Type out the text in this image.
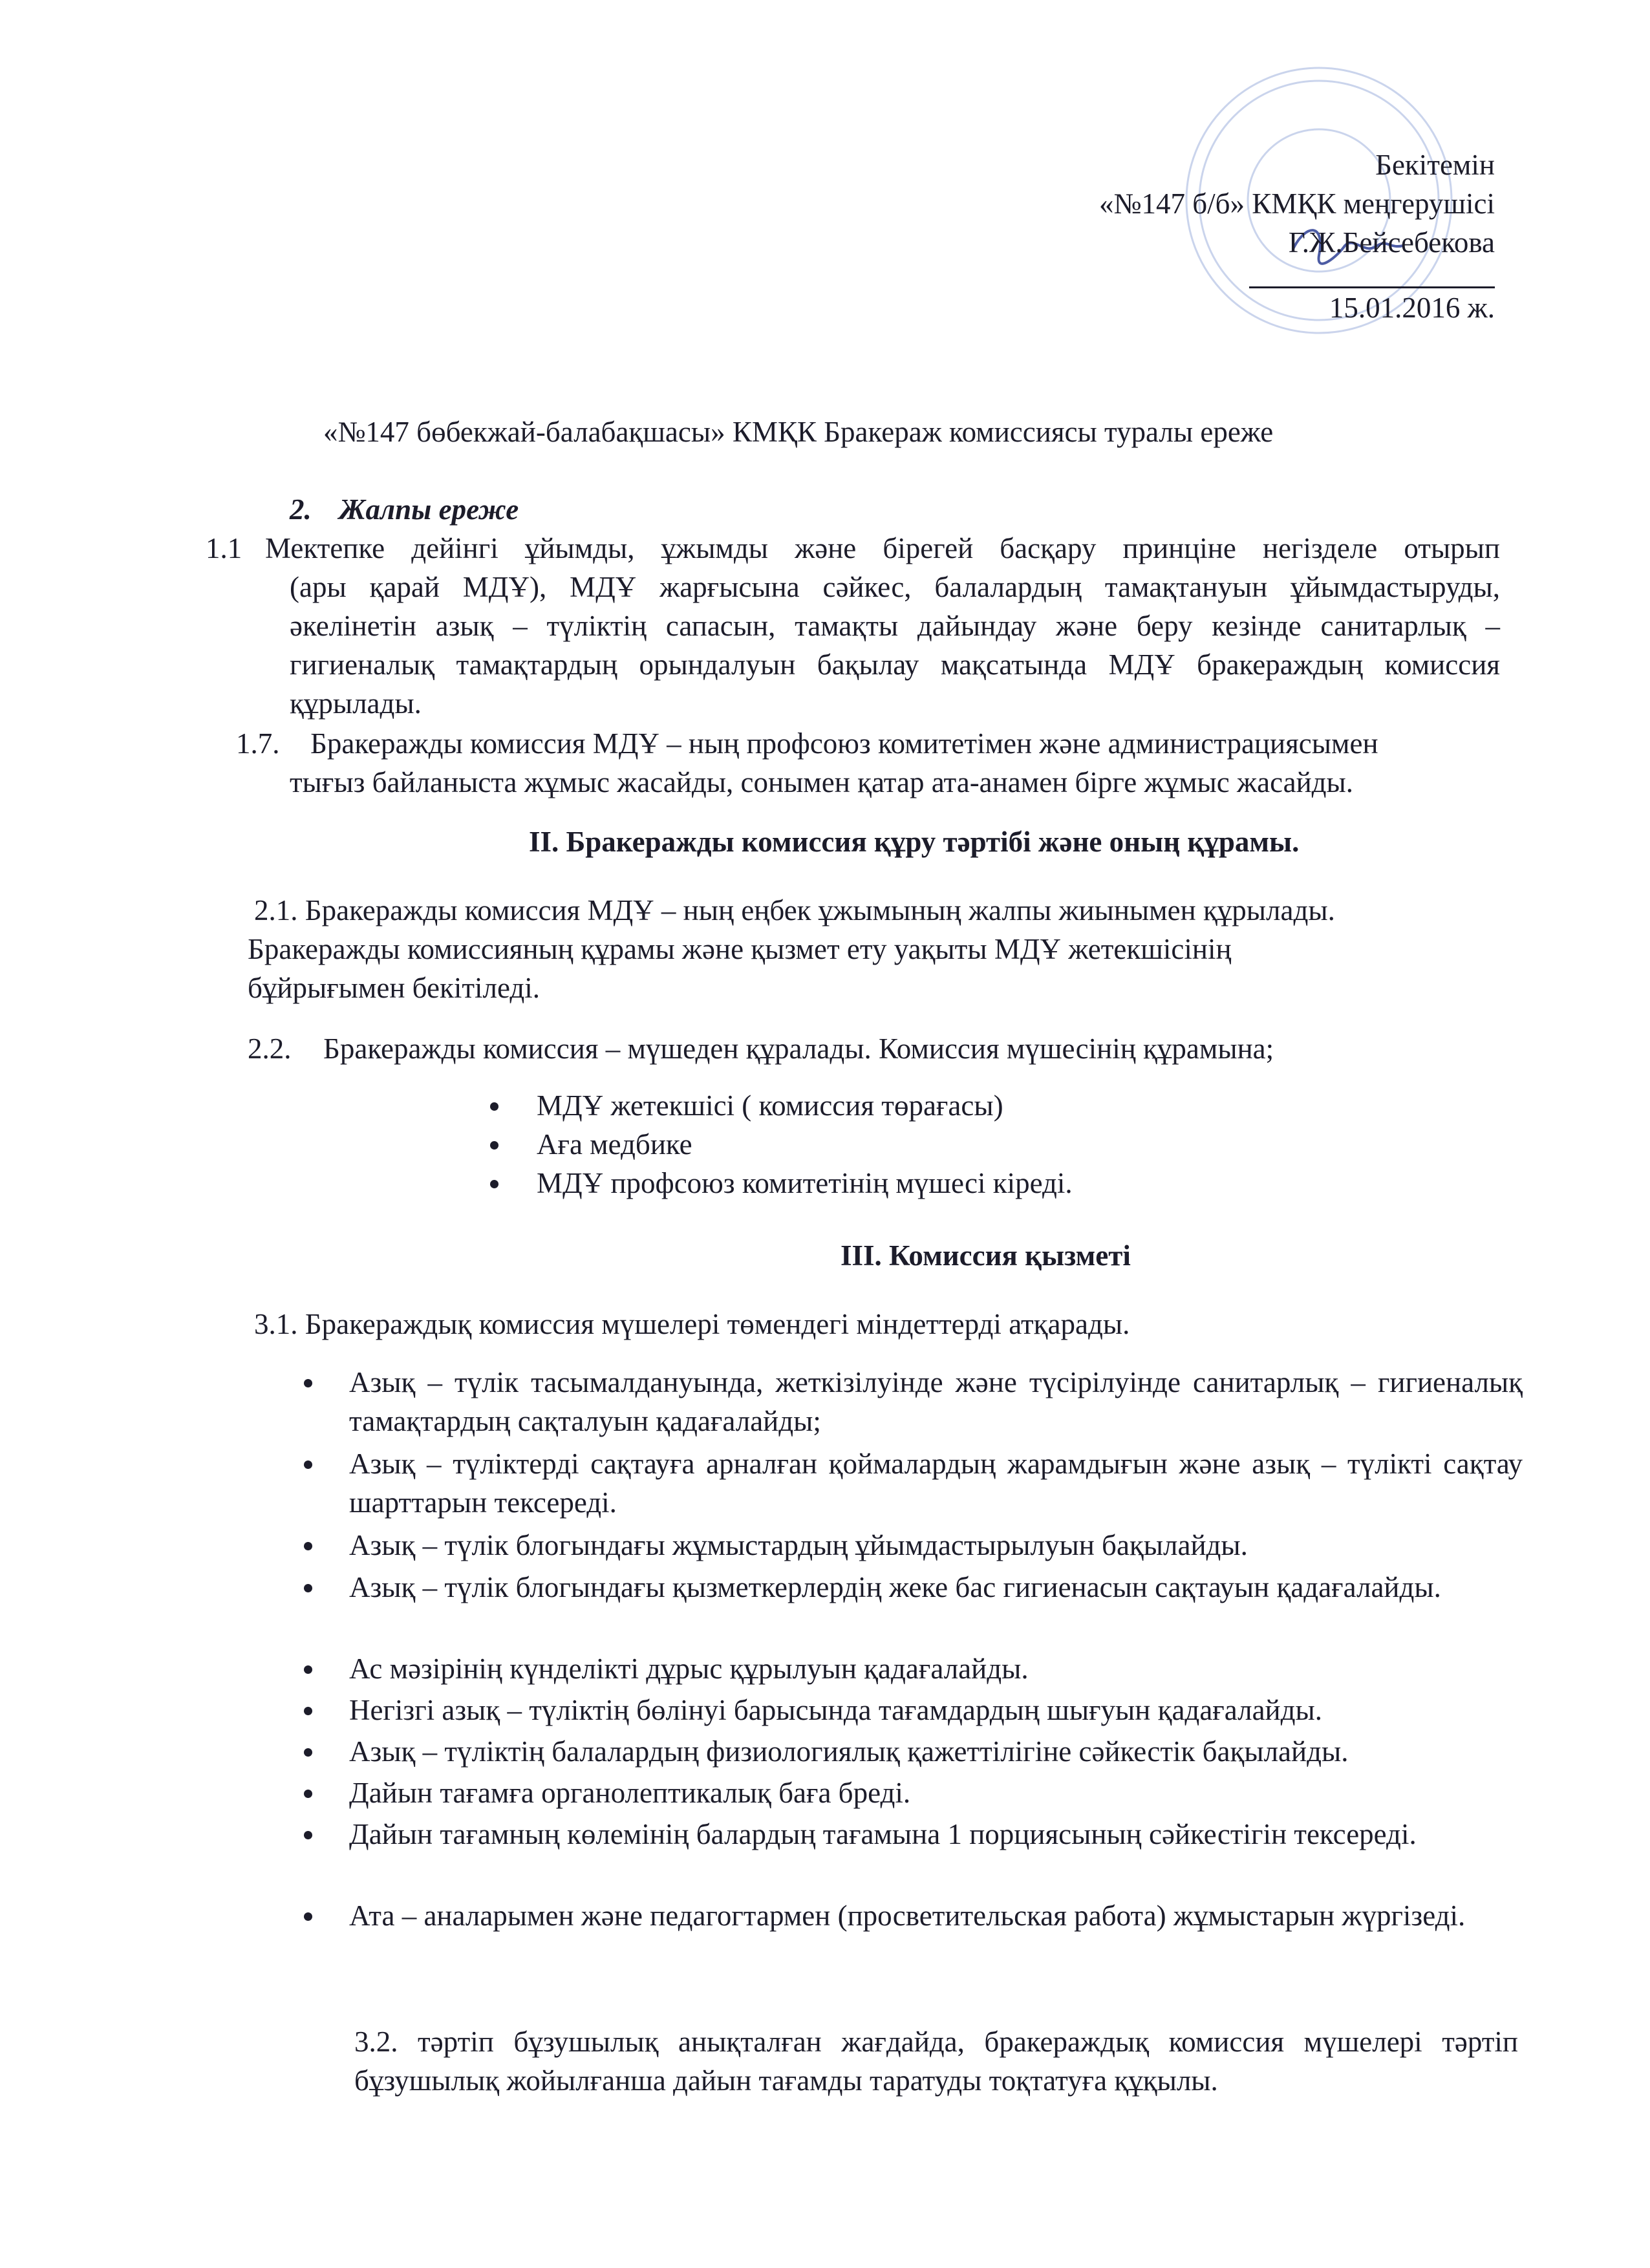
Бекітемін
«№147 б/б» КМҚК меңгерушісі
Г.Ж.Бейсебекова
15.01.2016 ж.
«№147 бөбекжай-балабақшасы» КМҚК Бракераж комиссиясы туралы ереже
2. Жалпы ереже
1.1 Мектепке дейінгі ұйымды, ұжымды және бірегей басқару принціне негізделе отырып
(ары қарай МДҰ), МДҰ жарғысына сәйкес, балалардың тамақтануын ұйымдастыруды, әкелінетін азық – түліктің сапасын, тамақты дайындау және беру кезінде санитарлық – гигиеналық тамақтардың орындалуын бақылау мақсатында МДҰ бракераждың комиссия құрылады.
1.7. Бракеражды комиссия МДҰ – ның профсоюз комитетімен және администрациясымен
тығыз байланыста жұмыс жасайды, сонымен қатар ата-анамен бірге жұмыс жасайды.
II. Бракеражды комиссия құру тәртібі және оның құрамы.
2.1. Бракеражды комиссия МДҰ – ның еңбек ұжымының жалпы жиынымен құрылады.
Бракеражды комиссияның құрамы және қызмет ету уақыты МДҰ жетекшісінің
бұйрығымен бекітіледі.
2.2. Бракеражды комиссия – мүшеден құралады. Комиссия мүшесінің құрамына;
МДҰ жетекшісі ( комиссия төрағасы)
Аға медбике
МДҰ профсоюз комитетінің мүшесі кіреді.
III. Комиссия қызметі
3.1. Бракераждық комиссия мүшелері төмендегі міндеттерді атқарады.
Азық – түлік тасымалдануында, жеткізілуінде және түсірілуінде санитарлық – гигиеналық тамақтардың сақталуын қадағалайды;
Азық – түліктерді сақтауға арналған қоймалардың жарамдығын және азық – түлікті сақтау шарттарын тексереді.
Азық – түлік блогындағы жұмыстардың ұйымдастырылуын бақылайды.
Азық – түлік блогындағы қызметкерлердің жеке бас гигиенасын сақтауын қадағалайды.
Ас мәзірінің күнделікті дұрыс құрылуын қадағалайды.
Негізгі азық – түліктің бөлінуі барысында тағамдардың шығуын қадағалайды.
Азық – түліктің балалардың физиологиялық қажеттілігіне сәйкестік бақылайды.
Дайын тағамға органолептикалық баға бреді.
Дайын тағамның көлемінің балардың тағамына 1 порциясының сәйкестігін тексереді.
Ата – аналарымен және педагогтармен (просветительская работа) жұмыстарын жүргізеді.
3.2. тәртіп бұзушылық анықталған жағдайда, бракераждық комиссия мүшелері тәртіп бұзушылық жойылғанша дайын тағамды таратуды тоқтатуға құқылы.
